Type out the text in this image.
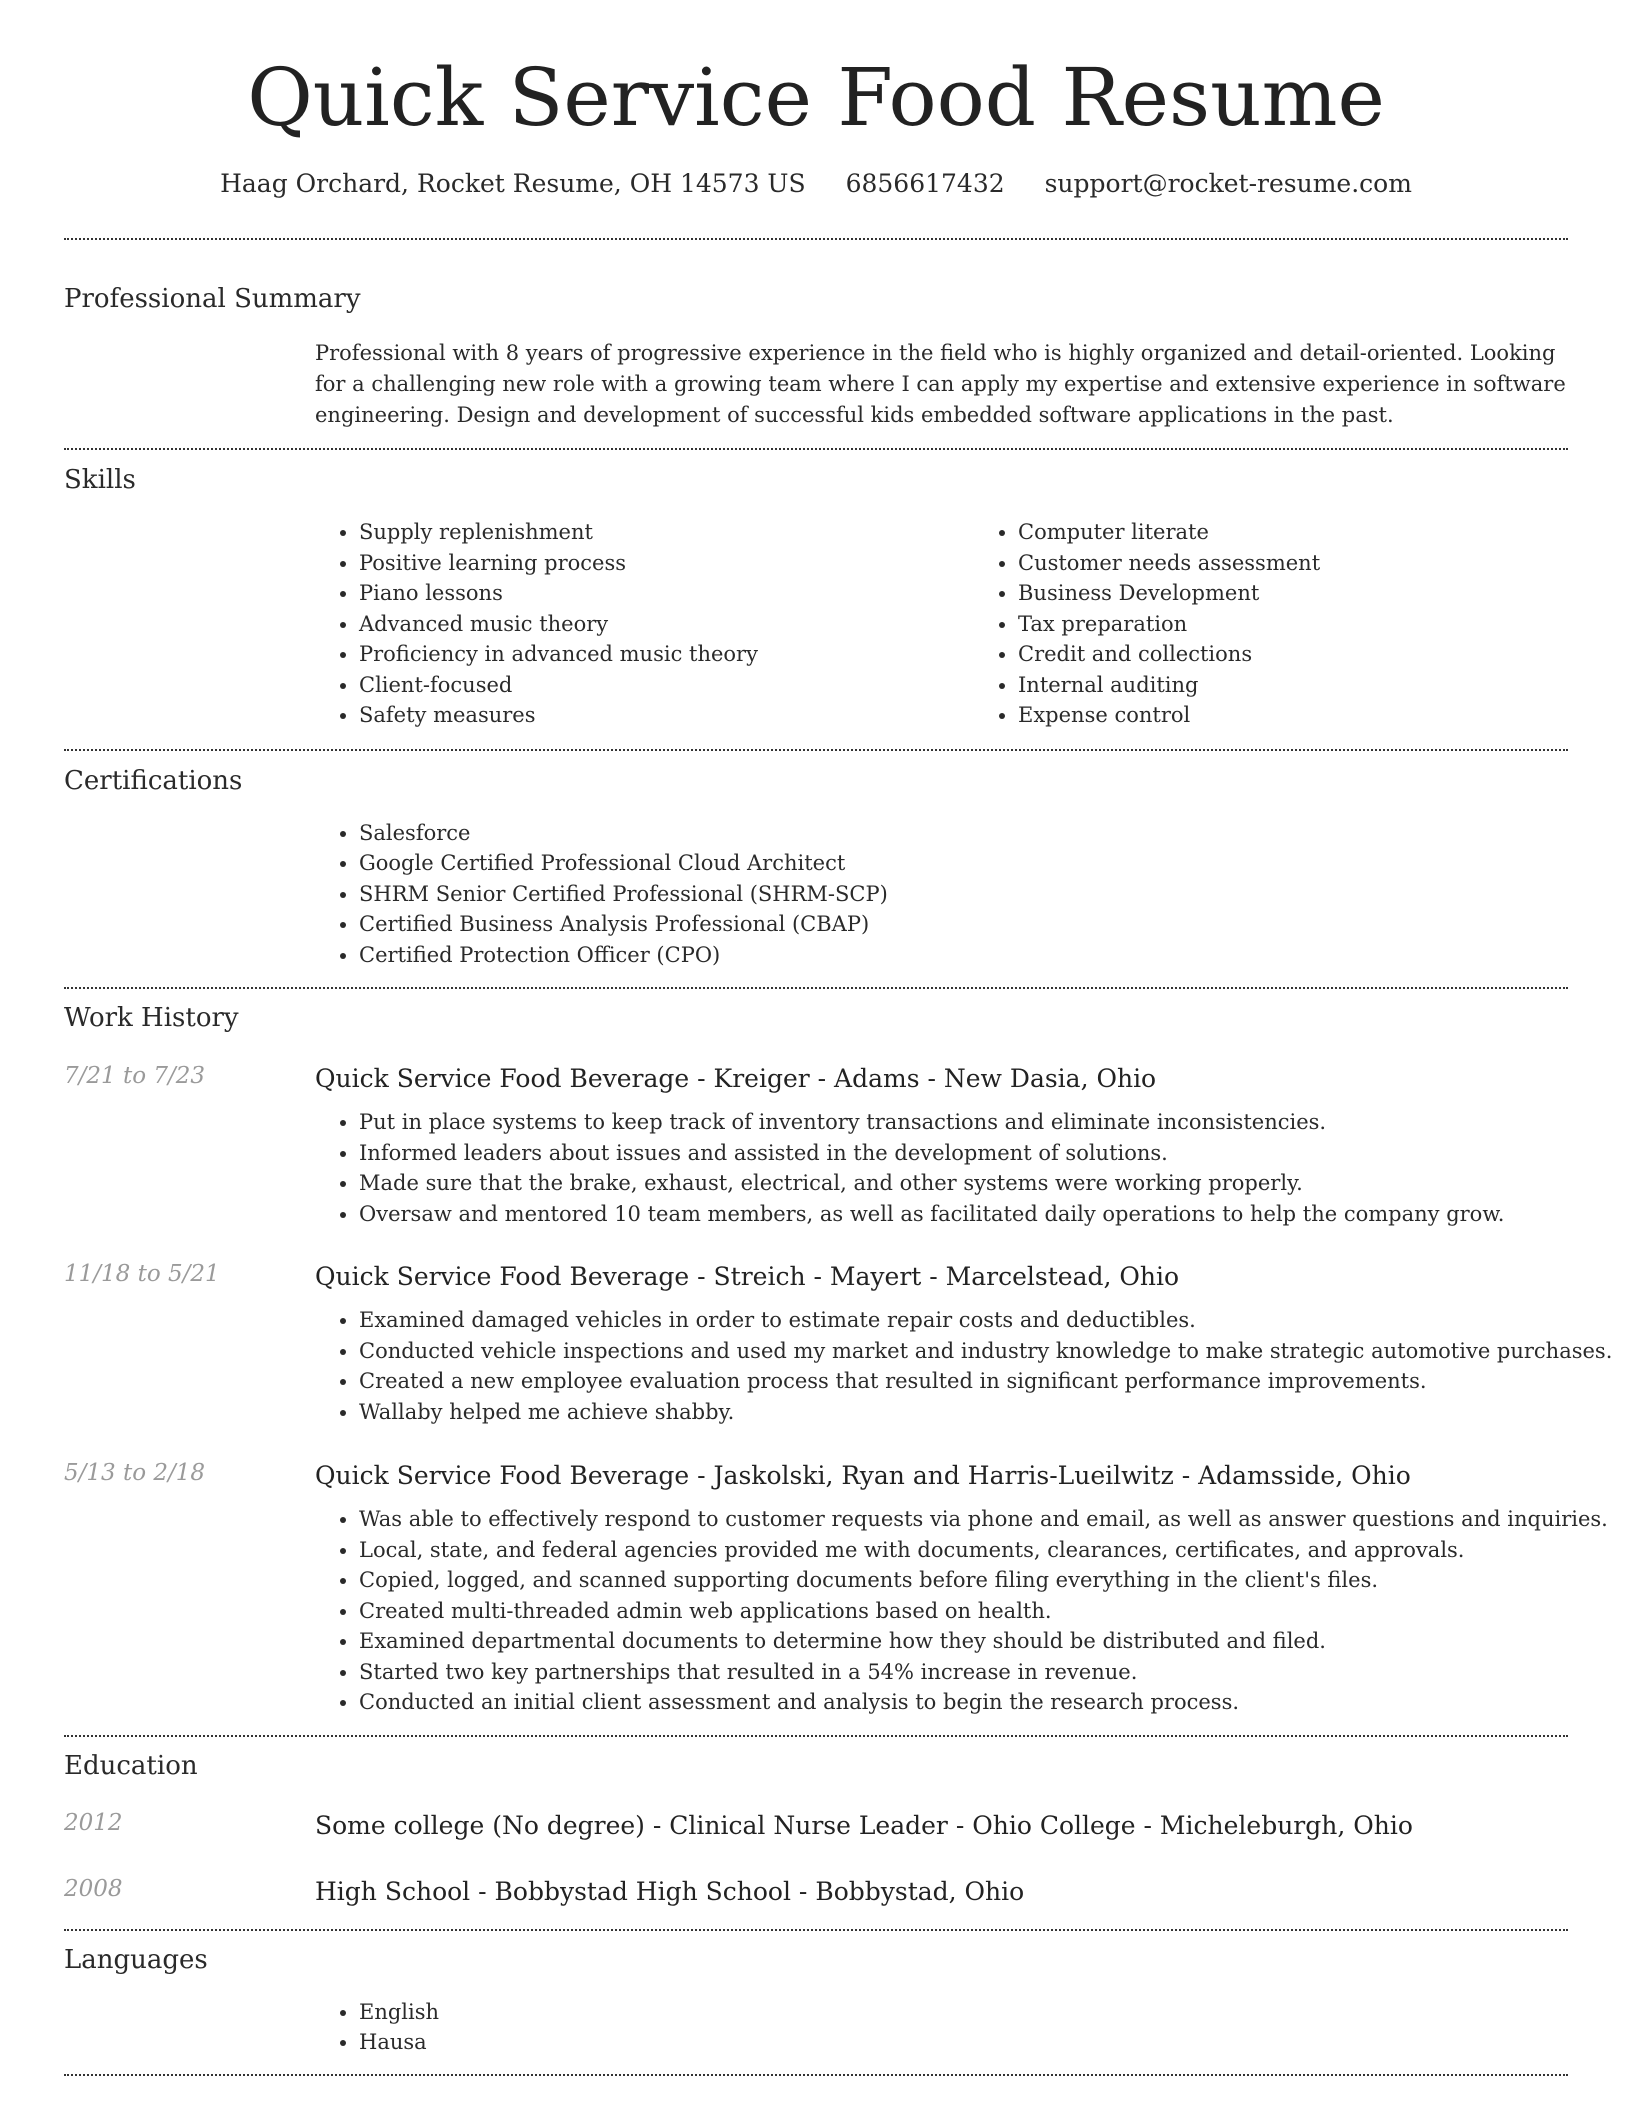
Quick Service Food Resume
Haag Orchard, Rocket Resume, OH 14573 US 6856617432 support@rocket-resume.com
Professional Summary

Professional with 8 years of progressive experience in the field who is highly organized and detail-oriented. Looking for a challenging new role with a growing team where I can apply my expertise and extensive experience in software engineering. Design and development of successful kids embedded software applications in the past.

Skills
• Supply replenishment
• Positive learning process
• Piano lessons
• Advanced music theory
• Proficiency in advanced music theory
• Client-focused
• Safety measures
• Computer literate
• Customer needs assessment
• Business Development
• Tax preparation
• Credit and collections
• Internal auditing
• Expense control
Certifications
• Salesforce
• Google Certified Professional Cloud Architect
• SHRM Senior Certified Professional (SHRM-SCP)
• Certified Business Analysis Professional (CBAP)
• Certified Protection Officer (CPO)
Work History
7/21 to 7/23	Quick Service Food Beverage - Kreiger - Adams - New Dasia, Ohio
• Put in place systems to keep track of inventory transactions and eliminate inconsistencies.
• Informed leaders about issues and assisted in the development of solutions.
• Made sure that the brake, exhaust, electrical, and other systems were working properly.
• Oversaw and mentored 10 team members, as well as facilitated daily operations to help the company grow.
11/18 to 5/21	Quick Service Food Beverage - Streich - Mayert - Marcelstead, Ohio
• Examined damaged vehicles in order to estimate repair costs and deductibles.
• Conducted vehicle inspections and used my market and industry knowledge to make strategic automotive purchases.
• Created a new employee evaluation process that resulted in significant performance improvements.
• Wallaby helped me achieve shabby.
5/13 to 2/18	Quick Service Food Beverage - Jaskolski, Ryan and Harris-Lueilwitz - Adamsside, Ohio
• Was able to effectively respond to customer requests via phone and email, as well as answer questions and inquiries.
• Local, state, and federal agencies provided me with documents, clearances, certificates, and approvals.
• Copied, logged, and scanned supporting documents before filing everything in the client's files.
• Created multi-threaded admin web applications based on health.
• Examined departmental documents to determine how they should be distributed and filed.
• Started two key partnerships that resulted in a 54% increase in revenue.
• Conducted an initial client assessment and analysis to begin the research process.
Education
2012	Some college (No degree) - Clinical Nurse Leader - Ohio College - Micheleburgh, Ohio
2008	High School - Bobbystad High School - Bobbystad, Ohio
Languages
• English
• Hausa
